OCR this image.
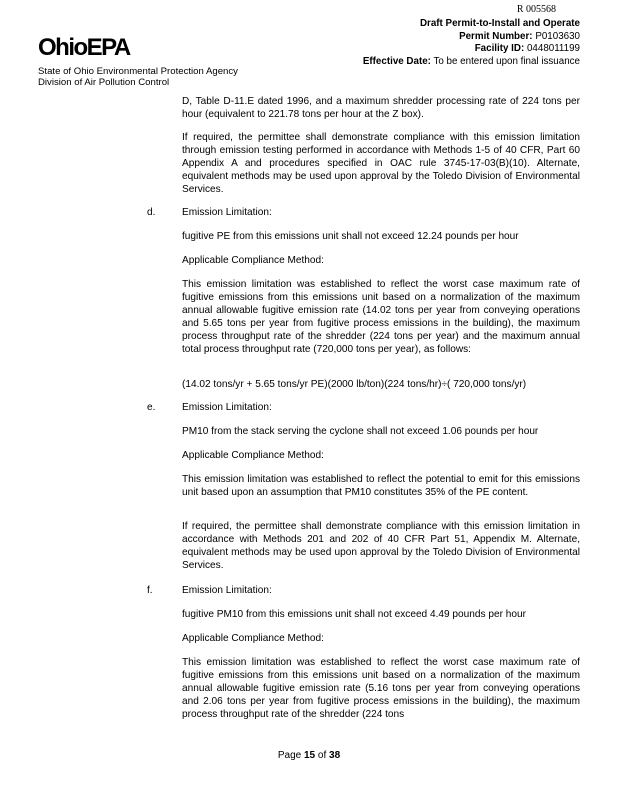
OhioEPA
State of Ohio Environmental Protection Agency
Division of Air Pollution Control
R 005568
Draft Permit-to-Install and Operate
Permit Number: P0103630
Facility ID: 0448011199
Effective Date: To be entered upon final issuance

D, Table D-11.E dated 1996, and a maximum shredder processing rate of 224 tons per hour (equivalent to 221.78 tons per hour at the Z box).

If required, the permittee shall demonstrate compliance with this emission limitation through emission testing performed in accordance with Methods 1-5 of 40 CFR, Part 60 Appendix A and procedures specified in OAC rule 3745-17-03(B)(10). Alternate, equivalent methods may be used upon approval by the Toledo Division of Environmental Services.

d.	Emission Limitation:

fugitive PE from this emissions unit shall not exceed 12.24 pounds per hour

Applicable Compliance Method:

This emission limitation was established to reflect the worst case maximum rate of fugitive emissions from this emissions unit based on a normalization of the maximum annual allowable fugitive emission rate (14.02 tons per year from conveying operations and 5.65 tons per year from fugitive process emissions in the building), the maximum process throughput rate of the shredder (224 tons per year) and the maximum annual total process throughput rate (720,000 tons per year), as follows:

(14.02 tons/yr + 5.65 tons/yr PE)(2000 lb/ton)(224 tons/hr)÷( 720,000 tons/yr)

e.	Emission Limitation:

PM10 from the stack serving the cyclone shall not exceed 1.06 pounds per hour

Applicable Compliance Method:

This emission limitation was established to reflect the potential to emit for this emissions unit based upon an assumption that PM10 constitutes 35% of the PE content.

If required, the permittee shall demonstrate compliance with this emission limitation in accordance with Methods 201 and 202 of 40 CFR Part 51, Appendix M. Alternate, equivalent methods may be used upon approval by the Toledo Division of Environmental Services.

f.	Emission Limitation:

fugitive PM10 from this emissions unit shall not exceed 4.49 pounds per hour

Applicable Compliance Method:

This emission limitation was established to reflect the worst case maximum rate of fugitive emissions from this emissions unit based on a normalization of the maximum annual allowable fugitive emission rate (5.16 tons per year from conveying operations and 2.06 tons per year from fugitive process emissions in the building), the maximum process throughput rate of the shredder (224 tons

Page 15 of 38
